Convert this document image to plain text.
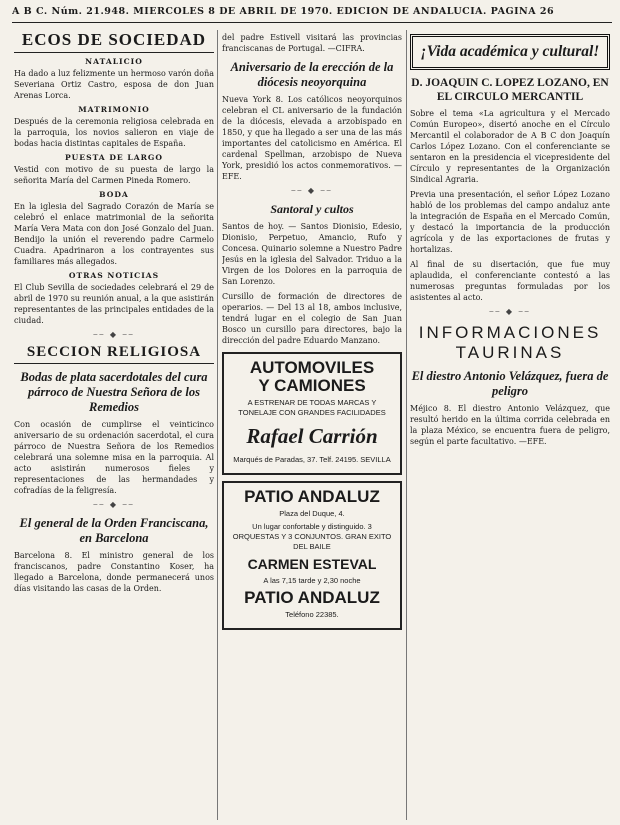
A B C. Núm. 21.948. MIERCOLES 8 DE ABRIL DE 1970. EDICION DE ANDALUCIA. PAGINA 26
ECOS DE SOCIEDAD
NATALICIO

Ha dado a luz felizmente un hermoso varón doña Severiana Ortiz Castro, esposa de don Juan Arenas Lorca.

MATRIMONIO

Después de la ceremonia religiosa celebrada en la parroquia, los novios salieron en viaje de bodas hacia distintas capitales de España.

PUESTA DE LARGO

Vestid con motivo de su puesta de largo la señorita María del Carmen Pineda Romero.

BODA

En la iglesia del Sagrado Corazón de María se celebró el enlace matrimonial de la señorita María Vera Mata con don José Gonzalo del Juan. Bendijo la unión el reverendo padre Carmelo Cuadra. Apadrinaron a los contrayentes sus familiares más allegados.

OTRAS NOTICIAS

El Club Sevilla de sociedades celebrará el 29 de abril de 1970 su reunión anual, a la que asistirán representantes de las principales entidades de la ciudad.

⎯⎯ ◆ ⎯⎯
SECCION RELIGIOSA
Bodas de plata sacerdotales del cura párroco de Nuestra Señora de los Remedios

Con ocasión de cumplirse el veinticinco aniversario de su ordenación sacerdotal, el cura párroco de Nuestra Señora de los Remedios celebrará una solemne misa en la parroquia. Al acto asistirán numerosos fieles y representaciones de las hermandades y cofradías de la feligresía.

⎯⎯ ◆ ⎯⎯
El general de la Orden Franciscana, en Barcelona

Barcelona 8. El ministro general de los franciscanos, padre Constantino Koser, ha llegado a Barcelona, donde permanecerá unos días visitando las casas de la Orden.

del padre Estivell visitará las provincias franciscanas de Portugal. —CIFRA.

Aniversario de la erección de la diócesis neoyorquina

Nueva York 8. Los católicos neoyorquinos celebran el CL aniversario de la fundación de la diócesis, elevada a arzobispado en 1850, y que ha llegado a ser una de las más importantes del catolicismo en América. El cardenal Spellman, arzobispo de Nueva York, presidió los actos conmemorativos. —EFE.

⎯⎯ ◆ ⎯⎯
Santoral y cultos

Santos de hoy. — Santos Dionisio, Edesio, Dionisio, Perpetuo, Amancio, Rufo y Concesa. Quinario solemne a Nuestro Padre Jesús en la iglesia del Salvador. Triduo a la Virgen de los Dolores en la parroquia de San Lorenzo.

Cursillo de formación de directores de operarios. — Del 13 al 18, ambos inclusive, tendrá lugar en el colegio de San Juan Bosco un cursillo para directores, bajo la dirección del padre Eduardo Manzano.

AUTOMOVILES
Y CAMIONES
A ESTRENAR DE TODAS MARCAS Y TONELAJE CON GRANDES FACILIDADES
Rafael Carrión
Marqués de Paradas, 37. Telf. 24195. SEVILLA
PATIO ANDALUZ
Plaza del Duque, 4.
Un lugar confortable y distinguido. 3 ORQUESTAS Y 3 CONJUNTOS. GRAN EXITO DEL BAILE
CARMEN ESTEVAL
A las 7,15 tarde y 2,30 noche
PATIO ANDALUZ
Teléfono 22385.
¡Vida académica y cultural!
D. JOAQUIN C. LOPEZ LOZANO, EN EL CIRCULO MERCANTIL

Sobre el tema «La agricultura y el Mercado Común Europeo», disertó anoche en el Círculo Mercantil el colaborador de A B C don Joaquín Carlos López Lozano. Con el conferenciante se sentaron en la presidencia el vicepresidente del Círculo y representantes de la Organización Sindical Agraria.

Previa una presentación, el señor López Lozano habló de los problemas del campo andaluz ante la integración de España en el Mercado Común, y destacó la importancia de la producción agrícola y de las exportaciones de frutas y hortalizas.

Al final de su disertación, que fue muy aplaudida, el conferenciante contestó a las numerosas preguntas formuladas por los asistentes al acto.

⎯⎯ ◆ ⎯⎯
INFORMACIONES TAURINAS
El diestro Antonio Velázquez, fuera de peligro

Méjico 8. El diestro Antonio Velázquez, que resultó herido en la última corrida celebrada en la plaza México, se encuentra fuera de peligro, según el parte facultativo. —EFE.
